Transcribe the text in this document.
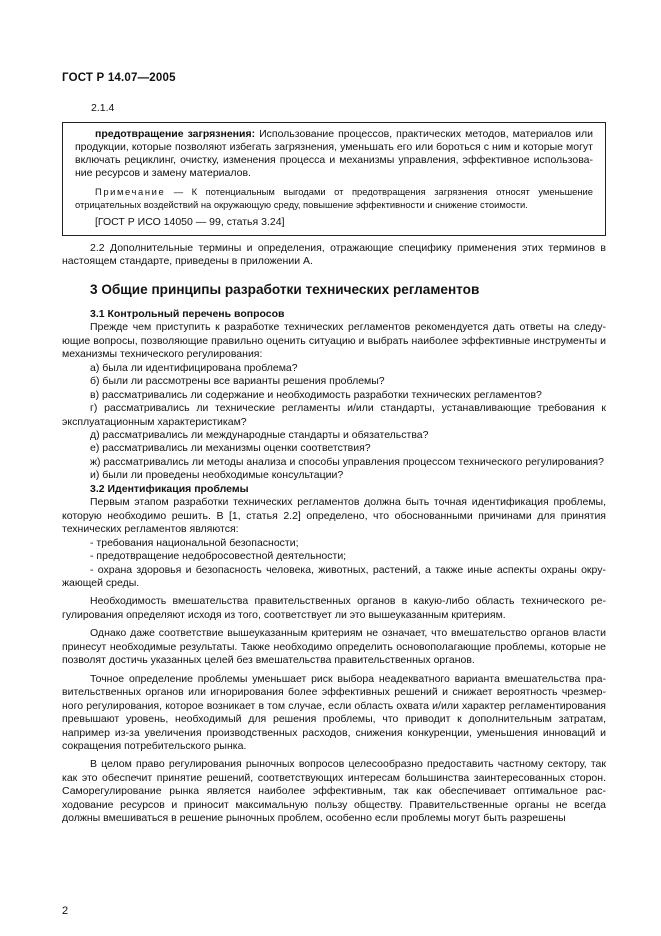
ГОСТ Р 14.07—2005
2.1.4

предотвращение загрязнения: Использование процессов, практических методов, материалов или продукции, которые позволяют избегать загрязнения, уменьшать его или бороться с ним и которые могут включать рециклинг, очистку, изменения процесса и механизмы управления, эффективное использование ресурсов и замену материалов.

Примечание — К потенциальным выгодами от предотвращения загрязнения относят уменьшение отрицательных воздействий на окружающую среду, повышение эффективности и снижение стоимости.

[ГОСТ Р ИСО 14050 — 99, статья 3.24]

2.2 Дополнительные термины и определения, отражающие специфику применения этих терминов в настоящем стандарте, приведены в приложении А.

3 Общие принципы разработки технических регламентов
3.1 Контрольный перечень вопросов

Прежде чем приступить к разработке технических регламентов рекомендуется дать ответы на следующие вопросы, позволяющие правильно оценить ситуацию и выбрать наиболее эффективные инструменты и механизмы технического регулирования:

а) была ли идентифицирована проблема?

б) были ли рассмотрены все варианты решения проблемы?

в) рассматривались ли содержание и необходимость разработки технических регламентов?

г) рассматривались ли технические регламенты и/или стандарты, устанавливающие требования к эксплуатационным характеристикам?

д) рассматривались ли международные стандарты и обязательства?

е) рассматривались ли механизмы оценки соответствия?

ж) рассматривались ли методы анализа и способы управления процессом технического регулирования?

и) были ли проведены необходимые консультации?

3.2 Идентификация проблемы

Первым этапом разработки технических регламентов должна быть точная идентификация проблемы, которую необходимо решить. В [1, статья 2.2] определено, что обоснованными причинами для принятия технических регламентов являются:

- требования национальной безопасности;

- предотвращение недобросовестной деятельности;

- охрана здоровья и безопасность человека, животных, растений, а также иные аспекты охраны окружающей среды.

Необходимость вмешательства правительственных органов в какую-либо область технического регулирования определяют исходя из того, соответствует ли это вышеуказанным критериям.

Однако даже соответствие вышеуказанным критериям не означает, что вмешательство органов власти принесут необходимые результаты. Также необходимо определить основополагающие проблемы, которые не позволят достичь указанных целей без вмешательства правительственных органов.

Точное определение проблемы уменьшает риск выбора неадекватного варианта вмешательства правительственных органов или игнорирования более эффективных решений и снижает вероятность чрезмерного регулирования, которое возникает в том случае, если область охвата и/или характер регламентирования превышают уровень, необходимый для решения проблемы, что приводит к дополнительным затратам, например из-за увеличения производственных расходов, снижения конкуренции, уменьшения инноваций и сокращения потребительского рынка.

В целом право регулирования рыночных вопросов целесообразно предоставить частному сектору, так как это обеспечит принятие решений, соответствующих интересам большинства заинтересованных сторон. Саморегулирование рынка является наиболее эффективным, так как обеспечивает оптимальное расходование ресурсов и приносит максимальную пользу обществу. Правительственные органы не всегда должны вмешиваться в решение рыночных проблем, особенно если проблемы могут быть разрешены

2
